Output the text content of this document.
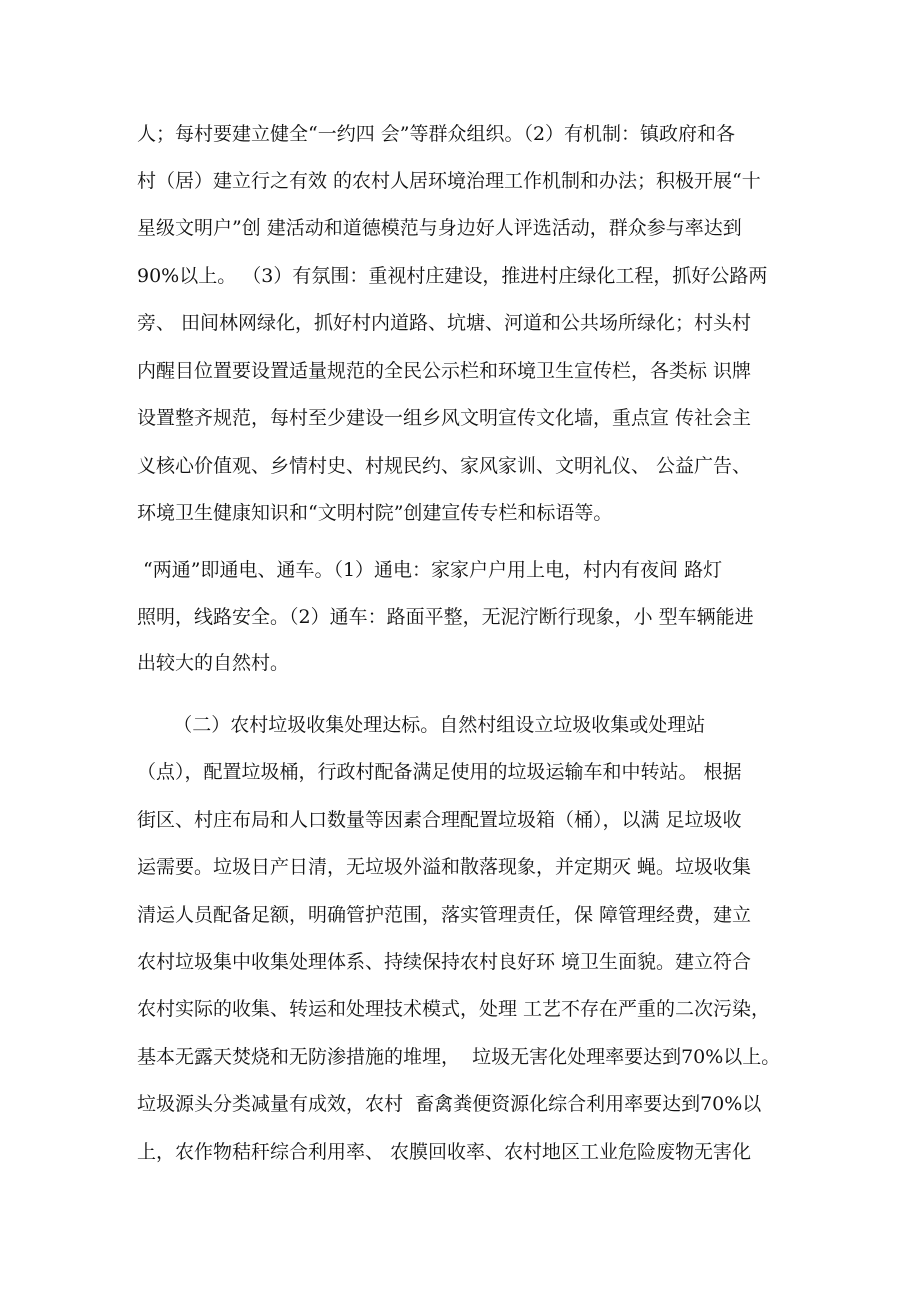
人；每村要建立健全“一约四 会”等群众组织。（2）有机制：镇政府和各
村（居）建立行之有效 的农村人居环境治理工作机制和办法；积极开展“十
星级文明户”创 建活动和道德模范与身边好人评选活动，群众参与率达到
90%以上。 （3）有氛围：重视村庄建设，推进村庄绿化工程，抓好公路两
旁、 田间林网绿化，抓好村内道路、坑塘、河道和公共场所绿化；村头村
内醒目位置要设置适量规范的全民公示栏和环境卫生宣传栏，各类标 识牌
设置整齐规范，每村至少建设一组乡风文明宣传文化墙，重点宣 传社会主
义核心价值观、乡情村史、村规民约、家风家训、文明礼仪、 公益广告、
环境卫生健康知识和“文明村院”创建宣传专栏和标语等。
“两通”即通电、通车。（1）通电：家家户户用上电，村内有夜间 路灯
照明，线路安全。（2）通车：路面平整，无泥泞断行现象，小 型车辆能进
出较大的自然村。
（二）农村垃圾收集处理达标。自然村组设立垃圾收集或处理站
（点），配置垃圾桶，行政村配备满足使用的垃圾运输车和中转站。 根据
街区、村庄布局和人口数量等因素合理配置垃圾箱（桶），以满 足垃圾收
运需要。垃圾日产日清，无垃圾外溢和散落现象，并定期灭 蝇。垃圾收集
清运人员配备足额，明确管护范围，落实管理责任，保 障管理经费，建立
农村垃圾集中收集处理体系、持续保持农村良好环 境卫生面貌。建立符合
农村实际的收集、转运和处理技术模式，处理 工艺不存在严重的二次污染，
基本无露天焚烧和无防渗措施的堆埋，  垃圾无害化处理率要达到70%以上。
垃圾源头分类减量有成效，农村  畜禽粪便资源化综合利用率要达到70%以
上，农作物秸秆综合利用率、 农膜回收率、农村地区工业危险废物无害化
